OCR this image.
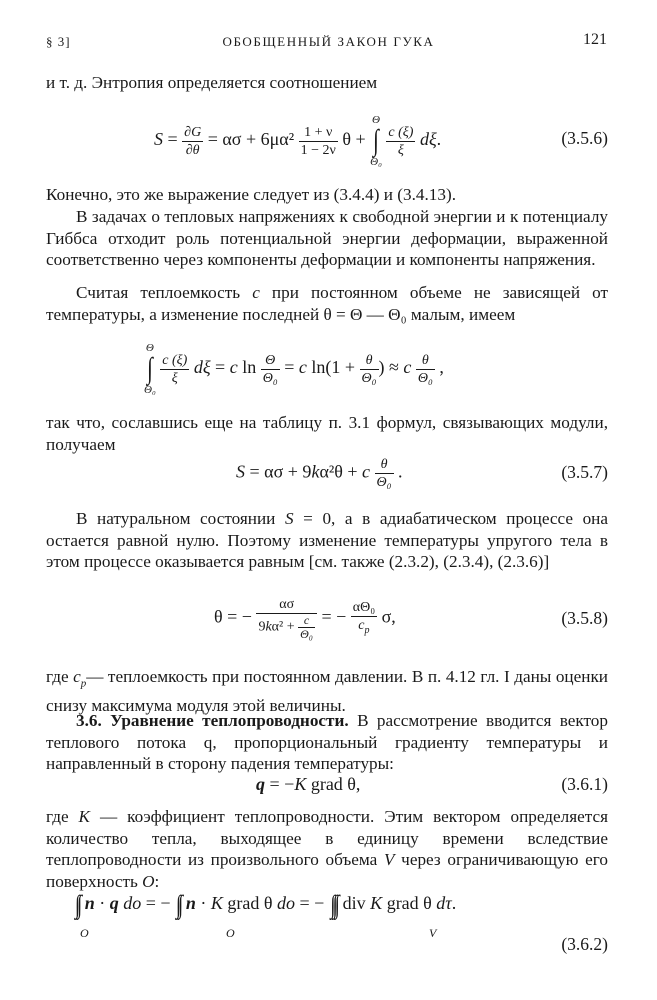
§ 3]	ОБОБЩЕННЫЙ ЗАКОН ГУКА	121
и т. д. Энтропия определяется соотношением
$S = \frac{\partial G}{\partial\theta} = \alpha\sigma + 6\mu\alpha^2 \frac{1 + \nu}{1 - 2\nu}$ θ +
Θ
∫
Θ₀

$\frac{c (\xi)}{\xi} d\xi$.	(3.5.6)
Конечно, это же выражение следует из (3.4.4) и (3.4.13).
В задачах о тепловых напряжениях к свободной энергии и к потенциалу Гиббса отходит роль потенциальной энергии деформации, выраженной соответственно через компоненты деформации и компоненты напряжения.
Считая теплоемкость c при постоянном объеме не зависящей от температуры, а изменение последней θ = Θ — Θ₀ малым, имеем
Θ
∫
Θ₀

$\frac{c (\xi)}{\xi}$ dξ = c $\ln \frac{\Theta}{\text{Θ₀}} = c$ $\ln(1 + \frac{\theta}{\text{Θ₀}}$ ) ≈ c $\frac{\theta}{\text{Θ₀}}$ ,
так что, сославшись еще на таблицу п. 3.1 формул, связывающих модули, получаем
S = ασ + 9kα²θ + c $\frac{\theta}{\text{Θ₀}}$ .	(3.5.7)
В натуральном состоянии S = 0, а в адиабатическом процессе она остается равной нулю. Поэтому изменение температуры упругого тела в этом процессе оказывается равным [см. также (2.3.2), (2.3.4), (2.3.6)]
θ = − $\frac{\alpha\sigma}{9k\alpha^2 + \frac{c}{\text{Θ₀}}}$ = − $\frac{\text{αΘ₀}}{c_p} \sigma$,	(3.5.8)
где $c_p—$ теплоемкость при постоянном давлении. В п. 4.12 гл. I даны оценки снизу максимума модуля этой величины.
3.6. Уравнение теплопроводности. В рассмотрение вводится вектор теплового потока q, пропорциональный градиенту температуры и направленный в сторону падения температуры:
q = −K grad θ,	(3.6.1)
где K — коэффициент теплопроводности. Этим вектором определяется количество тепла, выходящее в единицу времени вследствие теплопроводности из произвольного объема V через ограничивающую его поверхность O:
∫∫ n · q do = − ∫∫ n · K grad θ do = − ∫∫∫ div K grad θ dτ.
O	O	V
(3.6.2)
